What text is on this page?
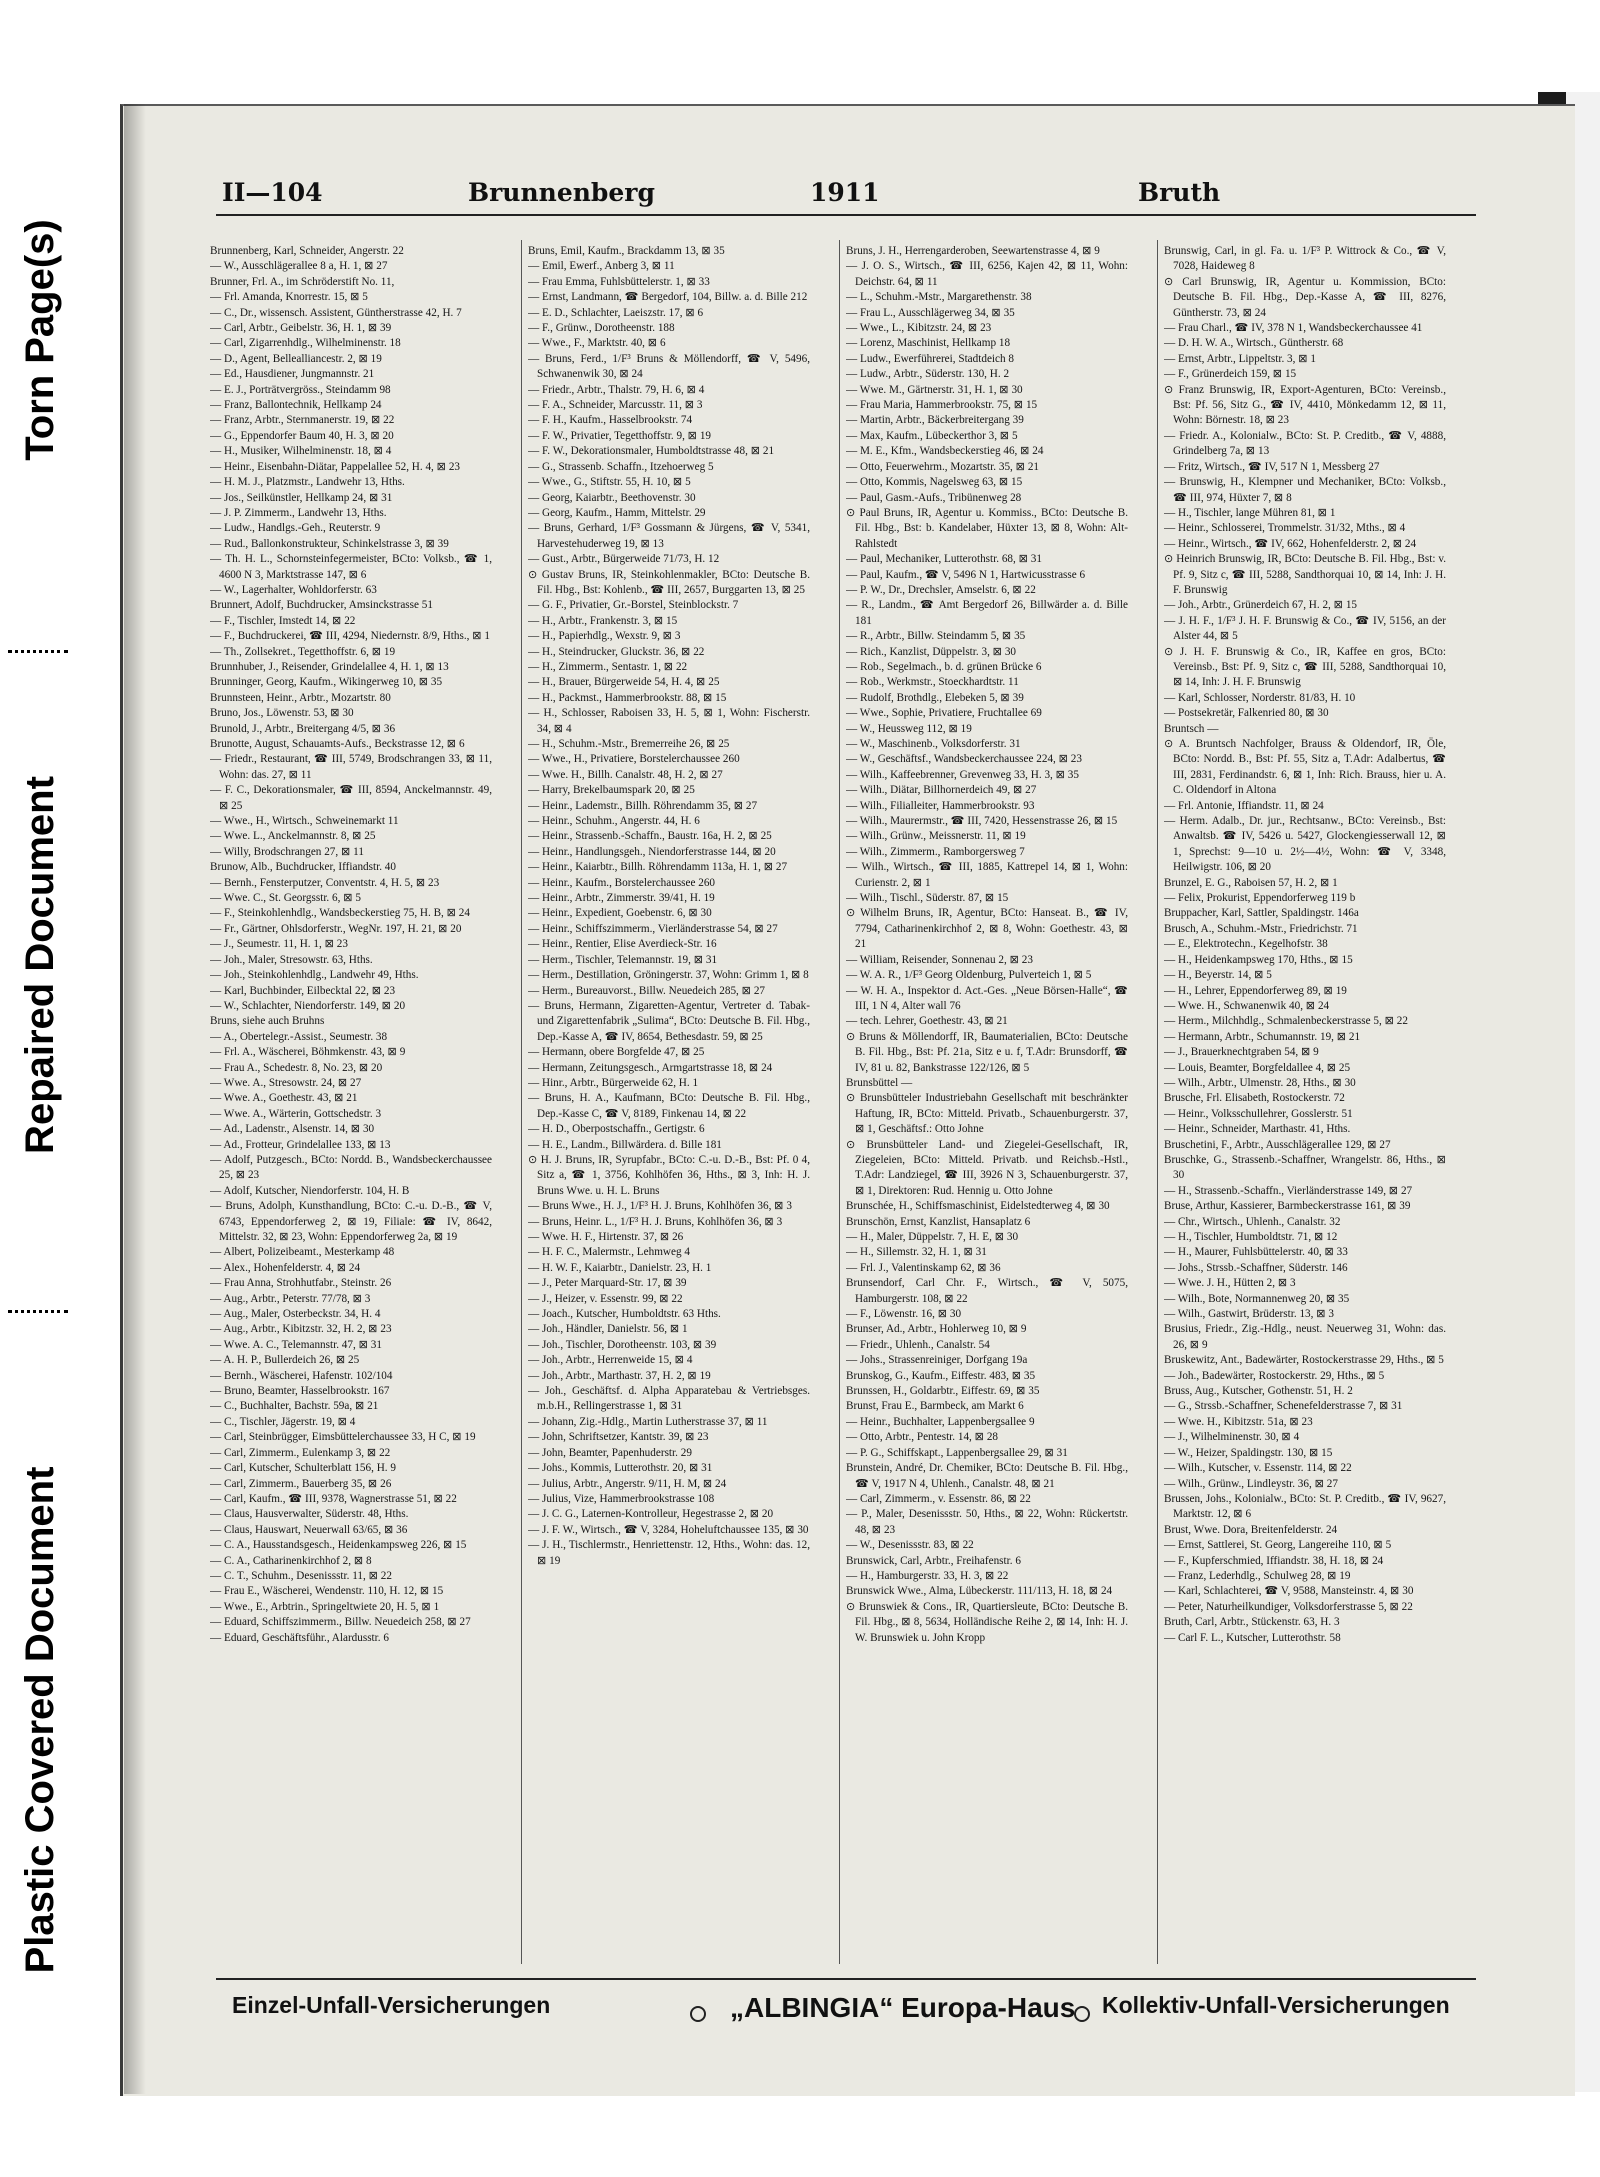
Torn Page(s)
Repaired Document
Plastic Covered Document
II—104	Brunnenberg	1911	Bruth

Brunnenberg, Karl, Schneider, Angerstr. 22

— W., Ausschlägerallee 8 a, H. 1, ⊠ 27

Brunner, Frl. A., im Schröderstift No. 11,

— Frl. Amanda, Knorrestr. 15, ⊠ 5

— C., Dr., wissensch. Assistent, Güntherstrasse 42, H. 7

— Carl, Arbtr., Geibelstr. 36, H. 1, ⊠ 39

— Carl, Zigarrenhdlg., Wilhelminenstr. 18

— D., Agent, Bellealliancestr. 2, ⊠ 19

— Ed., Hausdiener, Jungmannstr. 21

— E. J., Porträtvergröss., Steindamm 98

— Franz, Ballontechnik, Hellkamp 24

— Franz, Arbtr., Sternmanerstr. 19, ⊠ 22

— G., Eppendorfer Baum 40, H. 3, ⊠ 20

— H., Musiker, Wilhelminenstr. 18, ⊠ 4

— Heinr., Eisenbahn-Diätar, Pappelallee 52, H. 4, ⊠ 23

— H. M. J., Platzmstr., Landwehr 13, Hths.

— Jos., Seilkünstler, Hellkamp 24, ⊠ 31

— J. P. Zimmerm., Landwehr 13, Hths.

— Ludw., Handlgs.-Geh., Reuterstr. 9

— Rud., Ballonkonstrukteur, Schinkelstrasse 3, ⊠ 39

— Th. H. L., Schornsteinfegermeister, BCto: Volksb., ☎ 1, 4600 N 3, Marktstrasse 147, ⊠ 6

— W., Lagerhalter, Wohldorferstr. 63

Brunnert, Adolf, Buchdrucker, Amsinckstrasse 51

— F., Tischler, Imstedt 14, ⊠ 22

— F., Buchdruckerei, ☎ III, 4294, Niedernstr. 8/9, Hths., ⊠ 1

— Th., Zollsekret., Tegetthoffstr. 6, ⊠ 19

Brunnhuber, J., Reisender, Grindelallee 4, H. 1, ⊠ 13

Brunninger, Georg, Kaufm., Wikingerweg 10, ⊠ 35

Brunnsteen, Heinr., Arbtr., Mozartstr. 80

Bruno, Jos., Löwenstr. 53, ⊠ 30

Brunold, J., Arbtr., Breitergang 4/5, ⊠ 36

Brunotte, August, Schauamts-Aufs., Beckstrasse 12, ⊠ 6

— Friedr., Restaurant, ☎ III, 5749, Brodschrangen 33, ⊠ 11, Wohn: das. 27, ⊠ 11

— F. C., Dekorationsmaler, ☎ III, 8594, Anckelmannstr. 49, ⊠ 25

— Wwe., H., Wirtsch., Schweinemarkt 11

— Wwe. L., Anckelmannstr. 8, ⊠ 25

— Willy, Brodschrangen 27, ⊠ 11

Brunow, Alb., Buchdrucker, Iffiandstr. 40

— Bernh., Fensterputzer, Conventstr. 4, H. 5, ⊠ 23

— Wwe. C., St. Georgsstr. 6, ⊠ 5

— F., Steinkohlenhdlg., Wandsbeckerstieg 75, H. B, ⊠ 24

— Fr., Gärtner, Ohlsdorferstr., WegNr. 197, H. 21, ⊠ 20

— J., Seumestr. 11, H. 1, ⊠ 23

— Joh., Maler, Stresowstr. 63, Hths.

— Joh., Steinkohlenhdlg., Landwehr 49, Hths.

— Karl, Buchbinder, Eilbecktal 22, ⊠ 23

— W., Schlachter, Niendorferstr. 149, ⊠ 20

Bruns, siehe auch Bruhns

— A., Obertelegr.-Assist., Seumestr. 38

— Frl. A., Wäscherei, Böhmkenstr. 43, ⊠ 9

— Frau A., Schedestr. 8, No. 23, ⊠ 20

— Wwe. A., Stresowstr. 24, ⊠ 27

— Wwe. A., Goethestr. 43, ⊠ 21

— Wwe. A., Wärterin, Gottschedstr. 3

— Ad., Ladenstr., Alsenstr. 14, ⊠ 30

— Ad., Frotteur, Grindelallee 133, ⊠ 13

— Adolf, Putzgesch., BCto: Nordd. B., Wandsbeckerchaussee 25, ⊠ 23

— Adolf, Kutscher, Niendorferstr. 104, H. B

— Bruns, Adolph, Kunsthandlung, BCto: C.-u. D.-B., ☎ V, 6743, Eppendorferweg 2, ⊠ 19, Filiale: ☎ IV, 8642, Mittelstr. 32, ⊠ 23, Wohn: Eppendorferweg 2a, ⊠ 19

— Albert, Polizeibeamt., Mesterkamp 48

— Alex., Hohenfelderstr. 4, ⊠ 24

— Frau Anna, Strohhutfabr., Steinstr. 26

— Aug., Arbtr., Peterstr. 77/78, ⊠ 3

— Aug., Maler, Osterbeckstr. 34, H. 4

— Aug., Arbtr., Kibitzstr. 32, H. 2, ⊠ 23

— Wwe. A. C., Telemannstr. 47, ⊠ 31

— A. H. P., Bullerdeich 26, ⊠ 25

— Bernh., Wäscherei, Hafenstr. 102/104

— Bruno, Beamter, Hasselbrookstr. 167

— C., Buchhalter, Bachstr. 59a, ⊠ 21

— C., Tischler, Jägerstr. 19, ⊠ 4

— Carl, Steinbrügger, Eimsbüttelerchaussee 33, H C, ⊠ 19

— Carl, Zimmerm., Eulenkamp 3, ⊠ 22

— Carl, Kutscher, Schulterblatt 156, H. 9

— Carl, Zimmerm., Bauerberg 35, ⊠ 26

— Carl, Kaufm., ☎ III, 9378, Wagnerstrasse 51, ⊠ 22

— Claus, Hausverwalter, Süderstr. 48, Hths.

— Claus, Hauswart, Neuerwall 63/65, ⊠ 36

— C. A., Hausstandsgesch., Heidenkampsweg 226, ⊠ 15

— C. A., Catharinenkirchhof 2, ⊠ 8

— C. T., Schuhm., Desenissstr. 11, ⊠ 22

— Frau E., Wäscherei, Wendenstr. 110, H. 12, ⊠ 15

— Wwe., E., Arbtrin., Springeltwiete 20, H. 5, ⊠ 1

— Eduard, Schiffszimmerm., Billw. Neuedeich 258, ⊠ 27

— Eduard, Geschäftsführ., Alardusstr. 6

Bruns, Emil, Kaufm., Brackdamm 13, ⊠ 35

— Emil, Ewerf., Anberg 3, ⊠ 11

— Frau Emma, Fuhlsbüttelerstr. 1, ⊠ 33

— Ernst, Landmann, ☎ Bergedorf, 104, Billw. a. d. Bille 212

— E. D., Schlachter, Laeiszstr. 17, ⊠ 6

— F., Grünw., Dorotheenstr. 188

— Wwe., F., Marktstr. 40, ⊠ 6

— Bruns, Ferd., 1/F³ Bruns & Möllendorff, ☎ V, 5496, Schwanenwik 30, ⊠ 24

— Friedr., Arbtr., Thalstr. 79, H. 6, ⊠ 4

— F. A., Schneider, Marcusstr. 11, ⊠ 3

— F. H., Kaufm., Hasselbrookstr. 74

— F. W., Privatier, Tegetthoffstr. 9, ⊠ 19

— F. W., Dekorationsmaler, Humboldtstrasse 48, ⊠ 21

— G., Strassenb. Schaffn., Itzehoerweg 5

— Wwe., G., Stiftstr. 55, H. 10, ⊠ 5

— Georg, Kaiarbtr., Beethovenstr. 30

— Georg, Kaufm., Hamm, Mittelstr. 29

— Bruns, Gerhard, 1/F³ Gossmann & Jürgens, ☎ V, 5341, Harvestehuderweg 19, ⊠ 13

— Gust., Arbtr., Bürgerweide 71/73, H. 12

⊙ Gustav Bruns, IR, Steinkohlenmakler, BCto: Deutsche B. Fil. Hbg., Bst: Kohlenb., ☎ III, 2657, Burggarten 13, ⊠ 25

— G. F., Privatier, Gr.-Borstel, Steinblockstr. 7

— H., Arbtr., Frankenstr. 3, ⊠ 15

— H., Papierhdlg., Wexstr. 9, ⊠ 3

— H., Steindrucker, Gluckstr. 36, ⊠ 22

— H., Zimmerm., Sentastr. 1, ⊠ 22

— H., Brauer, Bürgerweide 54, H. 4, ⊠ 25

— H., Packmst., Hammerbrookstr. 88, ⊠ 15

— H., Schlosser, Raboisen 33, H. 5, ⊠ 1, Wohn: Fischerstr. 34, ⊠ 4

— H., Schuhm.-Mstr., Bremerreihe 26, ⊠ 25

— Wwe., H., Privatiere, Borstelerchaussee 260

— Wwe. H., Billh. Canalstr. 48, H. 2, ⊠ 27

— Harry, Brekelbaumspark 20, ⊠ 25

— Heinr., Lademstr., Billh. Röhrendamm 35, ⊠ 27

— Heinr., Schuhm., Angerstr. 44, H. 6

— Heinr., Strassenb.-Schaffn., Baustr. 16a, H. 2, ⊠ 25

— Heinr., Handlungsgeh., Niendorferstrasse 144, ⊠ 20

— Heinr., Kaiarbtr., Billh. Röhrendamm 113a, H. 1, ⊠ 27

— Heinr., Kaufm., Borstelerchaussee 260

— Heinr., Arbtr., Zimmerstr. 39/41, H. 19

— Heinr., Expedient, Goebenstr. 6, ⊠ 30

— Heinr., Schiffszimmerm., Vierländerstrasse 54, ⊠ 27

— Heinr., Rentier, Elise Averdieck-Str. 16

— Herm., Tischler, Telemannstr. 19, ⊠ 31

— Herm., Destillation, Gröningerstr. 37, Wohn: Grimm 1, ⊠ 8

— Herm., Bureauvorst., Billw. Neuedeich 285, ⊠ 27

— Bruns, Hermann, Zigaretten-Agentur, Vertreter d. Tabak- und Zigarettenfabrik „Sulima“, BCto: Deutsche B. Fil. Hbg., Dep.-Kasse A, ☎ IV, 8654, Bethesdastr. 59, ⊠ 25

— Hermann, obere Borgfelde 47, ⊠ 25

— Hermann, Zeitungsgesch., Armgartstrasse 18, ⊠ 24

— Hinr., Arbtr., Bürgerweide 62, H. 1

— Bruns, H. A., Kaufmann, BCto: Deutsche B. Fil. Hbg., Dep.-Kasse C, ☎ V, 8189, Finkenau 14, ⊠ 22

— H. D., Oberpostschaffn., Gertigstr. 6

— H. E., Landm., Billwärdera. d. Bille 181

⊙ H. J. Bruns, IR, Syrupfabr., BCto: C.-u. D.-B., Bst: Pf. 0 4, Sitz a, ☎ 1, 3756, Kohlhöfen 36, Hths., ⊠ 3, Inh: H. J. Bruns Wwe. u. H. L. Bruns

— Bruns Wwe., H. J., 1/F³ H. J. Bruns, Kohlhöfen 36, ⊠ 3

— Bruns, Heinr. L., 1/F³ H. J. Bruns, Kohlhöfen 36, ⊠ 3

— Wwe. H. F., Hirtenstr. 37, ⊠ 26

— H. F. C., Malermstr., Lehmweg 4

— H. W. F., Kaiarbtr., Danielstr. 23, H. 1

— J., Peter Marquard-Str. 17, ⊠ 39

— J., Heizer, v. Essenstr. 99, ⊠ 22

— Joach., Kutscher, Humboldtstr. 63 Hths.

— Joh., Händler, Danielstr. 56, ⊠ 1

— Joh., Tischler, Dorotheenstr. 103, ⊠ 39

— Joh., Arbtr., Herrenweide 15, ⊠ 4

— Joh., Arbtr., Marthastr. 37, H. 2, ⊠ 19

— Joh., Geschäftsf. d. Alpha Apparatebau & Vertriebsges. m.b.H., Rellingerstrasse 1, ⊠ 31

— Johann, Zig.-Hdlg., Martin Lutherstrasse 37, ⊠ 11

— John, Schriftsetzer, Kantstr. 39, ⊠ 23

— John, Beamter, Papenhuderstr. 29

— Johs., Kommis, Lutterothstr. 20, ⊠ 31

— Julius, Arbtr., Angerstr. 9/11, H. M, ⊠ 24

— Julius, Vize, Hammerbrookstrasse 108

— J. C. G., Laternen-Kontrolleur, Hegestrasse 2, ⊠ 20

— J. F. W., Wirtsch., ☎ V, 3284, Hoheluftchaussee 135, ⊠ 30

— J. H., Tischlermstr., Henriettenstr. 12, Hths., Wohn: das. 12, ⊠ 19

Bruns, J. H., Herrengarderoben, Seewartenstrasse 4, ⊠ 9

— J. O. S., Wirtsch., ☎ III, 6256, Kajen 42, ⊠ 11, Wohn: Deichstr. 64, ⊠ 11

— L., Schuhm.-Mstr., Margarethenstr. 38

— Frau L., Ausschlägerweg 34, ⊠ 35

— Wwe., L., Kibitzstr. 24, ⊠ 23

— Lorenz, Maschinist, Hellkamp 18

— Ludw., Ewerführerei, Stadtdeich 8

— Ludw., Arbtr., Süderstr. 130, H. 2

— Wwe. M., Gärtnerstr. 31, H. 1, ⊠ 30

— Frau Maria, Hammerbrookstr. 75, ⊠ 15

— Martin, Arbtr., Bäckerbreitergang 39

— Max, Kaufm., Lübeckerthor 3, ⊠ 5

— M. E., Kfm., Wandsbeckerstieg 46, ⊠ 24

— Otto, Feuerwehrm., Mozartstr. 35, ⊠ 21

— Otto, Kommis, Nagelsweg 63, ⊠ 15

— Paul, Gasm.-Aufs., Tribünenweg 28

⊙ Paul Bruns, IR, Agentur u. Kommiss., BCto: Deutsche B. Fil. Hbg., Bst: b. Kandelaber, Hüxter 13, ⊠ 8, Wohn: Alt-Rahlstedt

— Paul, Mechaniker, Lutterothstr. 68, ⊠ 31

— Paul, Kaufm., ☎ V, 5496 N 1, Hartwicusstrasse 6

— P. W., Dr., Drechsler, Amselstr. 6, ⊠ 22

— R., Landm., ☎ Amt Bergedorf 26, Billwärder a. d. Bille 181

— R., Arbtr., Billw. Steindamm 5, ⊠ 35

— Rich., Kanzlist, Düppelstr. 3, ⊠ 30

— Rob., Segelmach., b. d. grünen Brücke 6

— Rob., Werkmstr., Stoeckhardtstr. 11

— Rudolf, Brothdlg., Elebeken 5, ⊠ 39

— Wwe., Sophie, Privatiere, Fruchtallee 69

— W., Heussweg 112, ⊠ 19

— W., Maschinenb., Volksdorferstr. 31

— W., Geschäftsf., Wandsbeckerchaussee 224, ⊠ 23

— Wilh., Kaffeebrenner, Grevenweg 33, H. 3, ⊠ 35

— Wilh., Diätar, Billhornerdeich 49, ⊠ 27

— Wilh., Filialleiter, Hammerbrookstr. 93

— Wilh., Maurermstr., ☎ III, 7420, Hessenstrasse 26, ⊠ 15

— Wilh., Grünw., Meissnerstr. 11, ⊠ 19

— Wilh., Zimmerm., Ramborgersweg 7

— Wilh., Wirtsch., ☎ III, 1885, Kattrepel 14, ⊠ 1, Wohn: Curienstr. 2, ⊠ 1

— Wilh., Tischl., Süderstr. 87, ⊠ 15

⊙ Wilhelm Bruns, IR, Agentur, BCto: Hanseat. B., ☎ IV, 7794, Catharinenkirchhof 2, ⊠ 8, Wohn: Goethestr. 43, ⊠ 21

— William, Reisender, Sonnenau 2, ⊠ 23

— W. A. R., 1/F³ Georg Oldenburg, Pulverteich 1, ⊠ 5

— W. H. A., Inspektor d. Act.-Ges. „Neue Börsen-Halle“, ☎ III, 1 N 4, Alter wall 76

— tech. Lehrer, Goethestr. 43, ⊠ 21

⊙ Bruns & Möllendorff, IR, Baumaterialien, BCto: Deutsche B. Fil. Hbg., Bst: Pf. 21a, Sitz e u. f, T.Adr: Brunsdorff, ☎ IV, 81 u. 82, Bankstrasse 122/126, ⊠ 5

Brunsbüttel —

⊙ Brunsbütteler Industriebahn Gesellschaft mit beschränkter Haftung, IR, BCto: Mitteld. Privatb., Schauenburgerstr. 37, ⊠ 1, Geschäftsf.: Otto Johne

⊙ Brunsbütteler Land- und Ziegelei-Gesellschaft, IR, Ziegeleien, BCto: Mitteld. Privatb. und Reichsb.-Hstl., T.Adr: Landziegel, ☎ III, 3926 N 3, Schauenburgerstr. 37, ⊠ 1, Direktoren: Rud. Hennig u. Otto Johne

Brunschée, H., Schiffsmaschinist, Eidelstedterweg 4, ⊠ 30

Brunschön, Ernst, Kanzlist, Hansaplatz 6

— H., Maler, Düppelstr. 7, H. E, ⊠ 30

— H., Sillemstr. 32, H. 1, ⊠ 31

— Frl. J., Valentinskamp 62, ⊠ 36

Brunsendorf, Carl Chr. F., Wirtsch., ☎ V, 5075, Hamburgerstr. 108, ⊠ 22

— F., Löwenstr. 16, ⊠ 30

Brunser, Ad., Arbtr., Hohlerweg 10, ⊠ 9

— Friedr., Uhlenh., Canalstr. 54

— Johs., Strassenreiniger, Dorfgang 19a

Brunskog, G., Kaufm., Eiffestr. 483, ⊠ 35

Brunssen, H., Goldarbtr., Eiffestr. 69, ⊠ 35

Brunst, Frau E., Barmbeck, am Markt 6

— Heinr., Buchhalter, Lappenbergsallee 9

— Otto, Arbtr., Pentestr. 14, ⊠ 28

— P. G., Schiffskapt., Lappenbergsallee 29, ⊠ 31

Brunstein, André, Dr. Chemiker, BCto: Deutsche B. Fil. Hbg., ☎ V, 1917 N 4, Uhlenh., Canalstr. 48, ⊠ 21

— Carl, Zimmerm., v. Essenstr. 86, ⊠ 22

— P., Maler, Desenissstr. 50, Hths., ⊠ 22, Wohn: Rückertstr. 48, ⊠ 23

— W., Desenissstr. 83, ⊠ 22

Brunswick, Carl, Arbtr., Freihafenstr. 6

— H., Hamburgerstr. 33, H. 3, ⊠ 22

Brunswick Wwe., Alma, Lübeckerstr. 111/113, H. 18, ⊠ 24

⊙ Brunswiek & Cons., IR, Quartiersleute, BCto: Deutsche B. Fil. Hbg., ⊠ 8, 5634, Holländische Reihe 2, ⊠ 14, Inh: H. J. W. Brunswiek u. John Kropp

Brunswig, Carl, in gl. Fa. u. 1/F³ P. Wittrock & Co., ☎ V, 7028, Haideweg 8

⊙ Carl Brunswig, IR, Agentur u. Kommission, BCto: Deutsche B. Fil. Hbg., Dep.-Kasse A, ☎ III, 8276, Güntherstr. 73, ⊠ 24

— Frau Charl., ☎ IV, 378 N 1, Wandsbeckerchaussee 41

— D. H. W. A., Wirtsch., Güntherstr. 68

— Ernst, Arbtr., Lippeltstr. 3, ⊠ 1

— F., Grünerdeich 159, ⊠ 15

⊙ Franz Brunswig, IR, Export-Agenturen, BCto: Vereinsb., Bst: Pf. 56, Sitz G., ☎ IV, 4410, Mönkedamm 12, ⊠ 11, Wohn: Börnestr. 18, ⊠ 23

— Friedr. A., Kolonialw., BCto: St. P. Creditb., ☎ V, 4888, Grindelberg 7a, ⊠ 13

— Fritz, Wirtsch., ☎ IV, 517 N 1, Messberg 27

— Brunswig, H., Klempner und Mechaniker, BCto: Volksb., ☎ III, 974, Hüxter 7, ⊠ 8

— H., Tischler, lange Mühren 81, ⊠ 1

— Heinr., Schlosserei, Trommelstr. 31/32, Mths., ⊠ 4

— Heinr., Wirtsch., ☎ IV, 662, Hohenfelderstr. 2, ⊠ 24

⊙ Heinrich Brunswig, IR, BCto: Deutsche B. Fil. Hbg., Bst: v. Pf. 9, Sitz c, ☎ III, 5288, Sandthorquai 10, ⊠ 14, Inh: J. H. F. Brunswig

— Joh., Arbtr., Grünerdeich 67, H. 2, ⊠ 15

— J. H. F., 1/F³ J. H. F. Brunswig & Co., ☎ IV, 5156, an der Alster 44, ⊠ 5

⊙ J. H. F. Brunswig & Co., IR, Kaffee en gros, BCto: Vereinsb., Bst: Pf. 9, Sitz c, ☎ III, 5288, Sandthorquai 10, ⊠ 14, Inh: J. H. F. Brunswig

— Karl, Schlosser, Norderstr. 81/83, H. 10

— Postsekretär, Falkenried 80, ⊠ 30

Bruntsch —

⊙ A. Bruntsch Nachfolger, Brauss & Oldendorf, IR, Öle, BCto: Nordd. B., Bst: Pf. 55, Sitz a, T.Adr: Adalbertus, ☎ III, 2831, Ferdinandstr. 6, ⊠ 1, Inh: Rich. Brauss, hier u. A. C. Oldendorf in Altona

— Frl. Antonie, Iffiandstr. 11, ⊠ 24

— Herm. Adalb., Dr. jur., Rechtsanw., BCto: Vereinsb., Bst: Anwaltsb. ☎ IV, 5426 u. 5427, Glockengiesserwall 12, ⊠ 1, Sprechst: 9—10 u. 2½—4½, Wohn: ☎ V, 3348, Heilwigstr. 106, ⊠ 20

Brunzel, E. G., Raboisen 57, H. 2, ⊠ 1

— Felix, Prokurist, Eppendorferweg 119 b

Bruppacher, Karl, Sattler, Spaldingstr. 146a

Brusch, A., Schuhm.-Mstr., Friedrichstr. 71

— E., Elektrotechn., Kegelhofstr. 38

— H., Heidenkampsweg 170, Hths., ⊠ 15

— H., Beyerstr. 14, ⊠ 5

— H., Lehrer, Eppendorferweg 89, ⊠ 19

— Wwe. H., Schwanenwik 40, ⊠ 24

— Herm., Milchhdlg., Schmalenbeckerstrasse 5, ⊠ 22

— Hermann, Arbtr., Schumannstr. 19, ⊠ 21

— J., Brauerknechtgraben 54, ⊠ 9

— Louis, Beamter, Borgfeldallee 4, ⊠ 25

— Wilh., Arbtr., Ulmenstr. 28, Hths., ⊠ 30

Brusche, Frl. Elisabeth, Rostockerstr. 72

— Heinr., Volksschullehrer, Gosslerstr. 51

— Heinr., Schneider, Marthastr. 41, Hths.

Bruschetini, F., Arbtr., Ausschlägerallee 129, ⊠ 27

Bruschke, G., Strassenb.-Schaffner, Wrangelstr. 86, Hths., ⊠ 30

— H., Strassenb.-Schaffn., Vierländerstrasse 149, ⊠ 27

Bruse, Arthur, Kassierer, Barmbeckerstrasse 161, ⊠ 39

— Chr., Wirtsch., Uhlenh., Canalstr. 32

— H., Tischler, Humboldtstr. 71, ⊠ 12

— H., Maurer, Fuhlsbüttelerstr. 40, ⊠ 33

— Johs., Strssb.-Schaffner, Süderstr. 146

— Wwe. J. H., Hütten 2, ⊠ 3

— Wilh., Bote, Normannenweg 20, ⊠ 35

— Wilh., Gastwirt, Brüderstr. 13, ⊠ 3

Brusius, Friedr., Zig.-Hdlg., neust. Neuerweg 31, Wohn: das. 26, ⊠ 9

Bruskewitz, Ant., Badewärter, Rostockerstrasse 29, Hths., ⊠ 5

— Joh., Badewärter, Rostockerstr. 29, Hths., ⊠ 5

Bruss, Aug., Kutscher, Gothenstr. 51, H. 2

— G., Strssb.-Schaffner, Schenefelderstrasse 7, ⊠ 31

— Wwe. H., Kibitzstr. 51a, ⊠ 23

— J., Wilhelminenstr. 30, ⊠ 4

— W., Heizer, Spaldingstr. 130, ⊠ 15

— Wilh., Kutscher, v. Essenstr. 114, ⊠ 22

— Wilh., Grünw., Lindleystr. 36, ⊠ 27

Brussen, Johs., Kolonialw., BCto: St. P. Creditb., ☎ IV, 9627, Marktstr. 12, ⊠ 6

Brust, Wwe. Dora, Breitenfelderstr. 24

— Ernst, Sattlerei, St. Georg, Langereihe 110, ⊠ 5

— F., Kupferschmied, Iffiandstr. 38, H. 18, ⊠ 24

— Franz, Lederhdlg., Schulweg 28, ⊠ 19

— Karl, Schlachterei, ☎ V, 9588, Mansteinstr. 4, ⊠ 30

— Peter, Naturheilkundiger, Volksdorferstrasse 5, ⊠ 22

Bruth, Carl, Arbtr., Stückenstr. 63, H. 3

— Carl F. L., Kutscher, Lutterothstr. 58

Einzel-Unfall-Versicherungen	„ALBINGIA“ Europa-Haus Kollektiv-Unfall-Versicherungen
